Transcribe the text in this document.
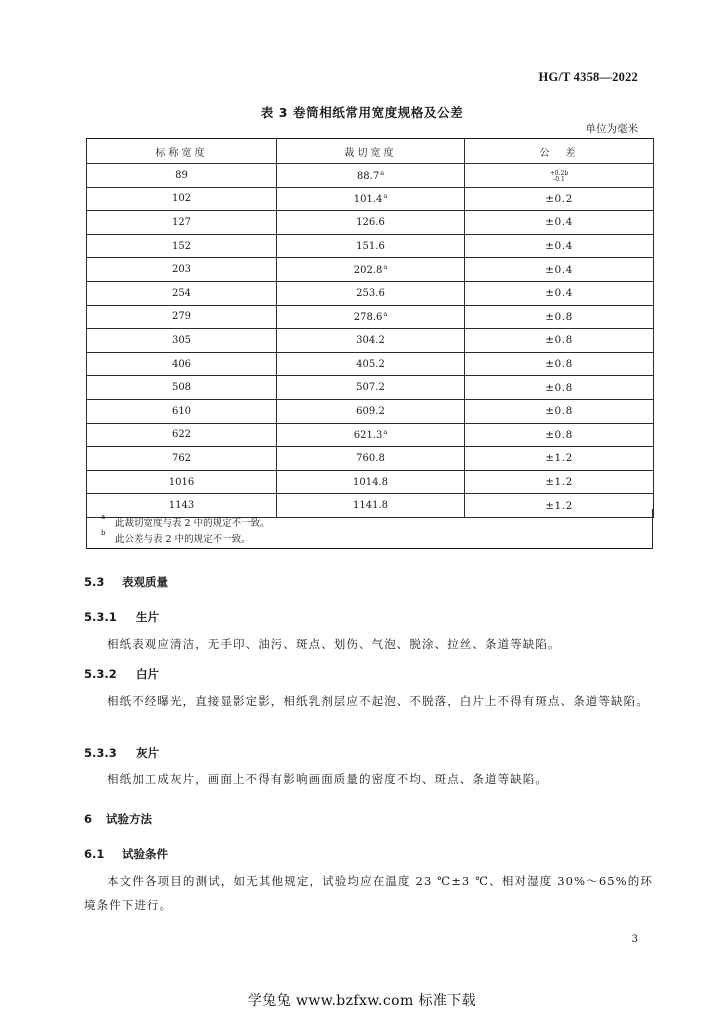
HG/T 4358—2022
表 3 卷筒相纸常用宽度规格及公差
单位为毫米
标称宽度	裁切宽度	公　差
89	88.7$^a$	+0.2b
-0.1

102	101.4$^a$	±0.2
127	126.6	±0.4
152	151.6	±0.4
203	202.8$^a$	±0.4
254	253.6	±0.4
279	278.6$^a$	±0.8
305	304.2	±0.8
406	405.2	±0.8
508	507.2	±0.8
610	609.2	±0.8
622	621.3$^a$	±0.8
762	760.8	±1.2
1016	1014.8	±1.2
1143	1141.8	±1.2
a
此裁切宽度与表 2 中的规定不一致。
b
此公差与表 2 中的规定不一致。
5.3 表观质量
5.3.1 生片
相纸表观应清洁，无手印、油污、斑点、划伤、气泡、脱涂、拉丝、条道等缺陷。
5.3.2 白片
相纸不经曝光，直接显影定影，相纸乳剂层应不起泡、不脱落，白片上不得有斑点、条道等缺陷。
5.3.3 灰片
相纸加工成灰片，画面上不得有影响画面质量的密度不均、斑点、条道等缺陷。
6 试验方法
6.1 试验条件
本文件各项目的测试，如无其他规定，试验均应在温度 23 ℃±3 ℃、相对湿度 30%～65%的环境条件下进行。
3
学兔兔 www.bzfxw.com 标准下载
